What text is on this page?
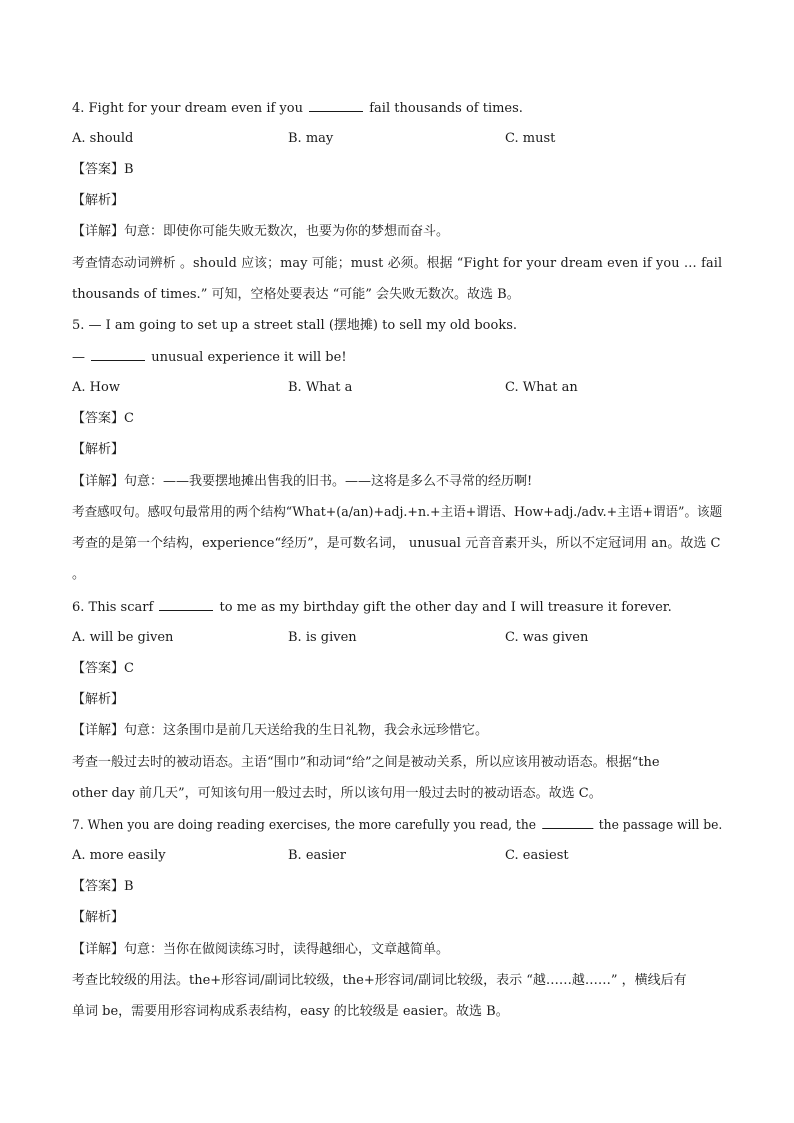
4. Fight for your dream even if you	fail thousands of times.
A. should	B. may	C. must
【答案】B
【解析】
【详解】句意：即使你可能失败无数次，也要为你的梦想而奋斗。
考查情态动词辨析 。should 应该；may 可能；must 必须。根据 “Fight for your dream even if you … fail
thousands of times.” 可知，空格处要表达 “可能” 会失败无数次。故选 B。
5. — I am going to set up a street stall (摆地摊) to sell my old books.
—	unusual experience it will be!
A. How	B. What a	C. What an
【答案】C
【解析】
【详解】句意：——我要摆地摊出售我的旧书。——这将是多么不寻常的经历啊!
考查感叹句。感叹句最常用的两个结构“What+(a/an)+adj.+n.+主语+谓语、How+adj./adv.+主语+谓语”。该题
考查的是第一个结构，experience“经历”，是可数名词， unusual 元音音素开头，所以不定冠词用 an。故选 C
。
6. This scarf	to me as my birthday gift the other day and I will treasure it forever.
A. will be given	B. is given	C. was given
【答案】C
【解析】
【详解】句意：这条围巾是前几天送给我的生日礼物，我会永远珍惜它。
考查一般过去时的被动语态。主语“围巾”和动词“给”之间是被动关系，所以应该用被动语态。根据“the
other day 前几天”，可知该句用一般过去时，所以该句用一般过去时的被动语态。故选 C。
7. When you are doing reading exercises, the more carefully you read, the	the passage will be.
A. more easily	B. easier	C. easiest
【答案】B
【解析】
【详解】句意：当你在做阅读练习时，读得越细心，文章越简单。
考查比较级的用法。the+形容词/副词比较级，the+形容词/副词比较级，表示 “越……越……” ，横线后有
单词 be，需要用形容词构成系表结构，easy 的比较级是 easier。故选 B。
